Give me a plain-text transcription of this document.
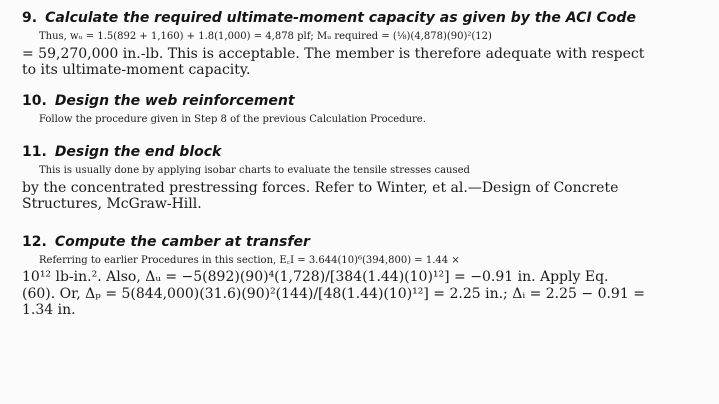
9. Calculate the required ultimate-moment capacity as given by the ACI Code

Thus, wᵤ = 1.5(892 + 1,160) + 1.8(1,000) = 4,878 plf; Mᵤ required = (⅛)(4,878)(90)²(12)
= 59,270,000 in.-lb. This is acceptable. The member is therefore adequate with respect
to its ultimate-moment capacity.

10. Design the web reinforcement

Follow the procedure given in Step 8 of the previous Calculation Procedure.

11. Design the end block

This is usually done by applying isobar charts to evaluate the tensile stresses caused
by the concentrated prestressing forces. Refer to Winter, et al.—Design of Concrete
Structures, McGraw-Hill.

12. Compute the camber at transfer

Referring to earlier Procedures in this section, E꜀I = 3.644(10)⁶(394,800) = 1.44 ×
10¹² lb-in.². Also, Δᵤ = −5(892)(90)⁴(1,728)/[384(1.44)(10)¹²] = −0.91 in. Apply Eq.
(60). Or, Δₚ = 5(844,000)(31.6)(90)²(144)/[48(1.44)(10)¹²] = 2.25 in.; Δᵢ = 2.25 − 0.91 =
1.34 in.
